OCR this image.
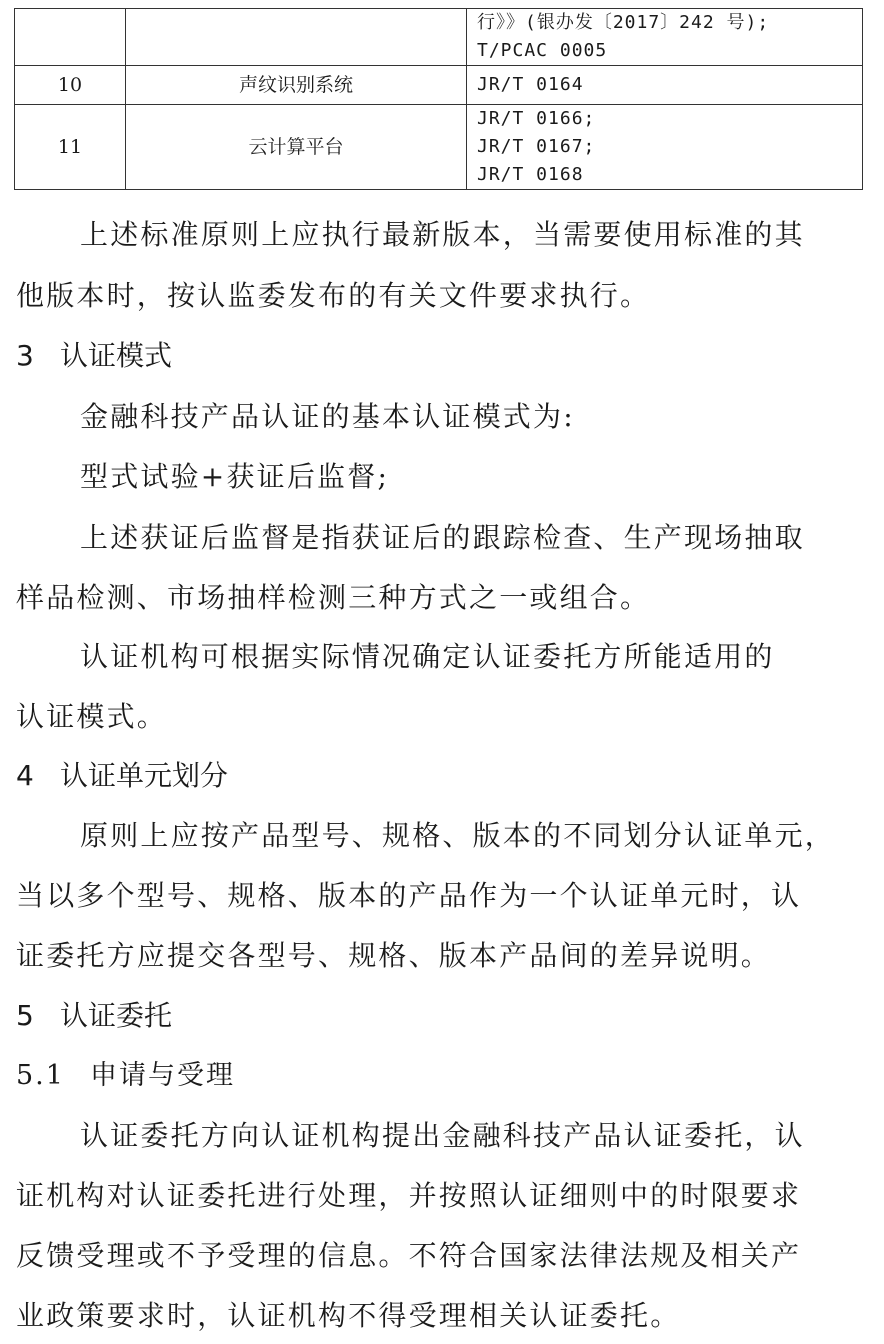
		行》》(银办发〔2017〕242 号);
T/PCAC 0005

10	声纹识别系统	JR/T 0164

11	云计算平台	JR/T 0166;
JR/T 0167;
JR/T 0168
上述标准原则上应执行最新版本，当需要使用标准的其
他版本时，按认监委发布的有关文件要求执行。
3 认证模式
金融科技产品认证的基本认证模式为:
型式试验+获证后监督;
上述获证后监督是指获证后的跟踪检查、生产现场抽取
样品检测、市场抽样检测三种方式之一或组合。
认证机构可根据实际情况确定认证委托方所能适用的
认证模式。
4 认证单元划分
原则上应按产品型号、规格、版本的不同划分认证单元，
当以多个型号、规格、版本的产品作为一个认证单元时，认
证委托方应提交各型号、规格、版本产品间的差异说明。
5 认证委托
5.1 申请与受理
认证委托方向认证机构提出金融科技产品认证委托，认
证机构对认证委托进行处理，并按照认证细则中的时限要求
反馈受理或不予受理的信息。不符合国家法律法规及相关产
业政策要求时，认证机构不得受理相关认证委托。
